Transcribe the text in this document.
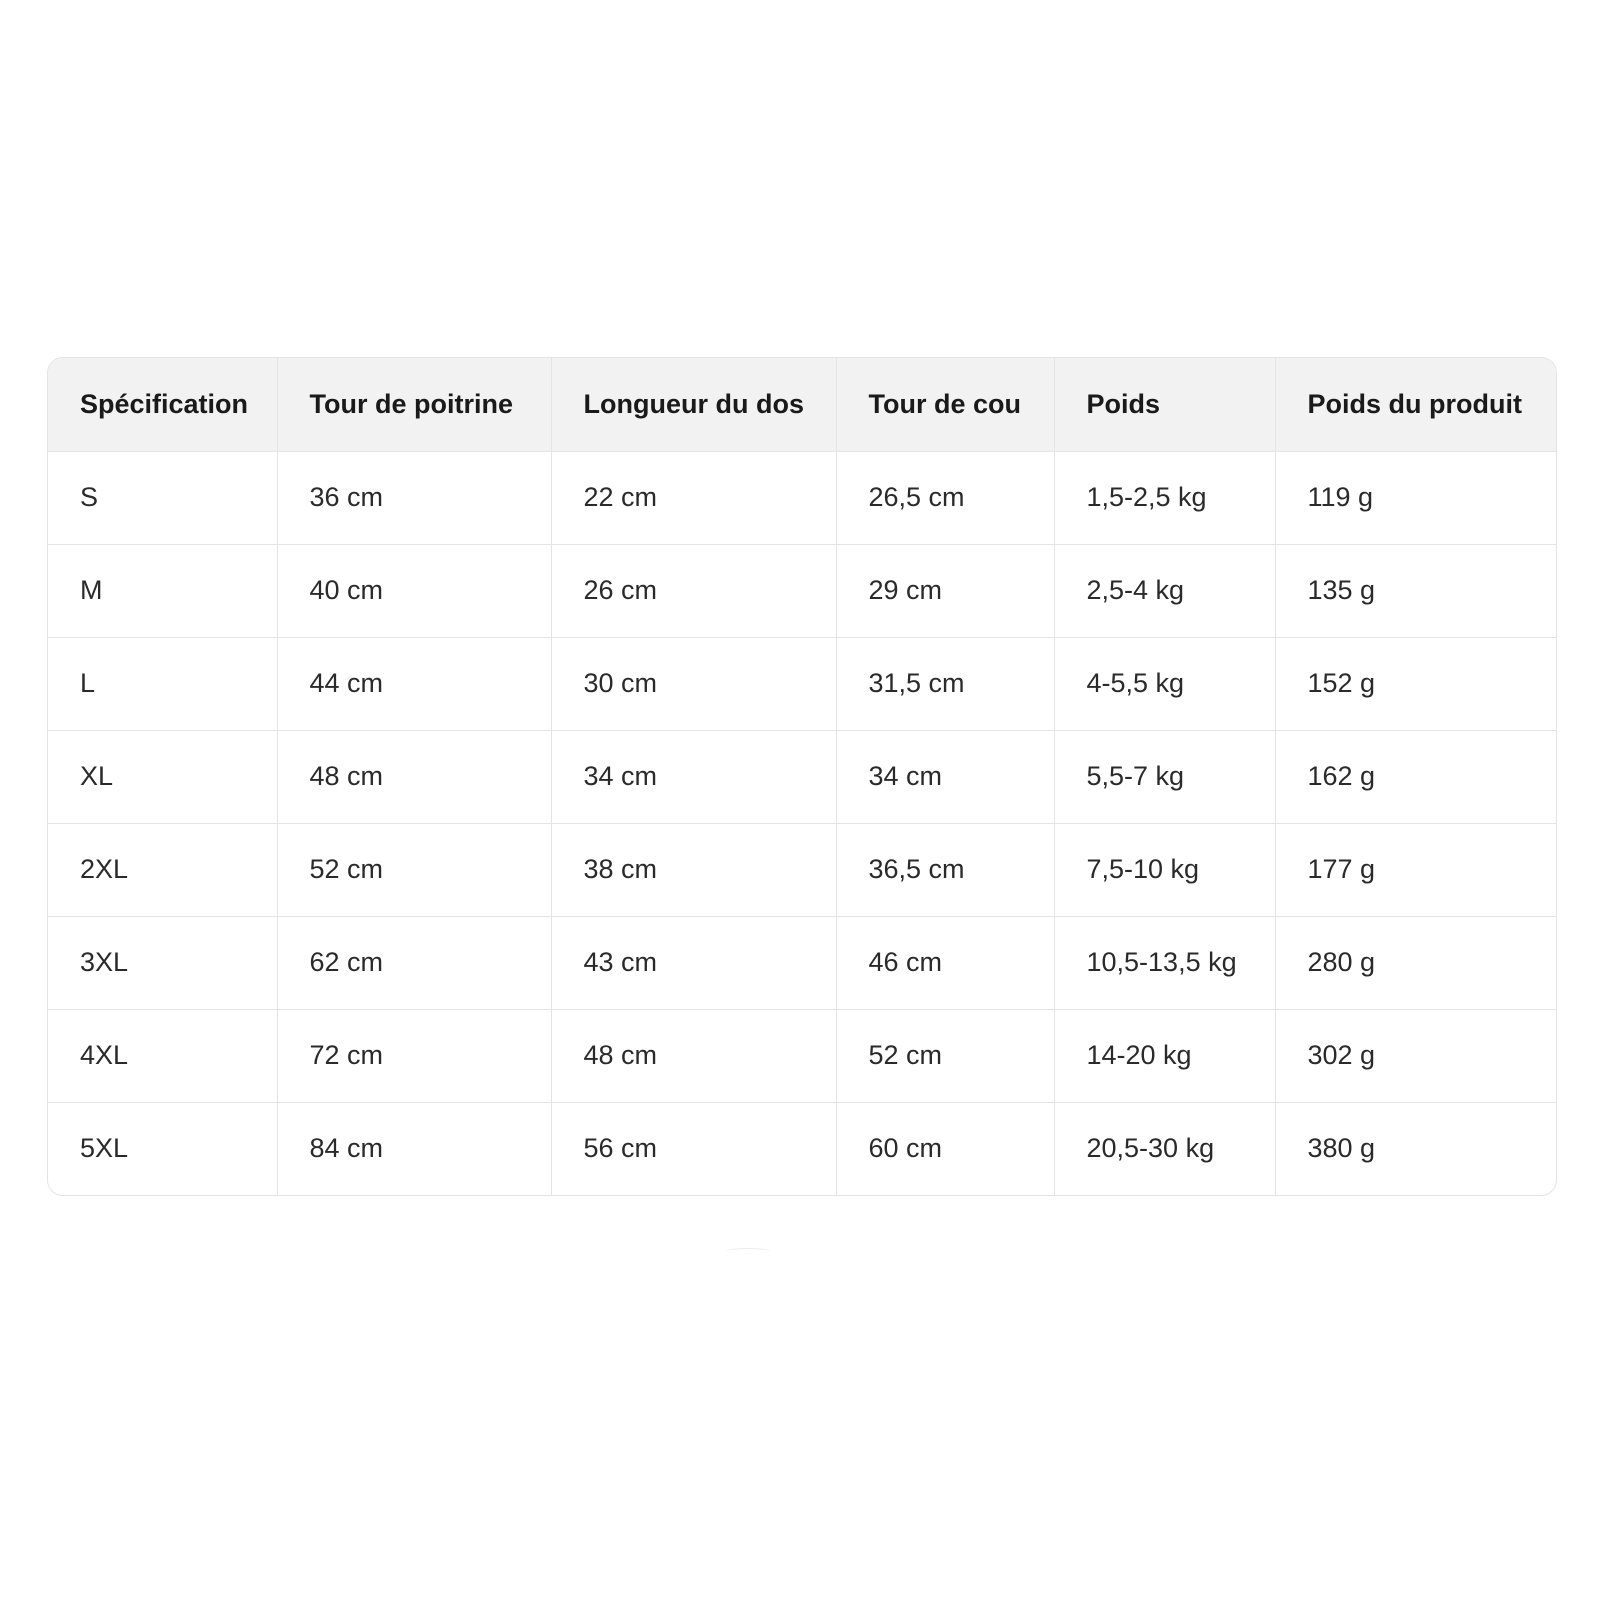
Spécification	Tour de poitrine	Longueur du dos	Tour de cou	Poids	Poids du produit
S	36 cm	22 cm	26,5 cm	1,5-2,5 kg	119 g
M	40 cm	26 cm	29 cm	2,5-4 kg	135 g
L	44 cm	30 cm	31,5 cm	4-5,5 kg	152 g
XL	48 cm	34 cm	34 cm	5,5-7 kg	162 g
2XL	52 cm	38 cm	36,5 cm	7,5-10 kg	177 g
3XL	62 cm	43 cm	46 cm	10,5-13,5 kg	280 g
4XL	72 cm	48 cm	52 cm	14-20 kg	302 g
5XL	84 cm	56 cm	60 cm	20,5-30 kg	380 g
